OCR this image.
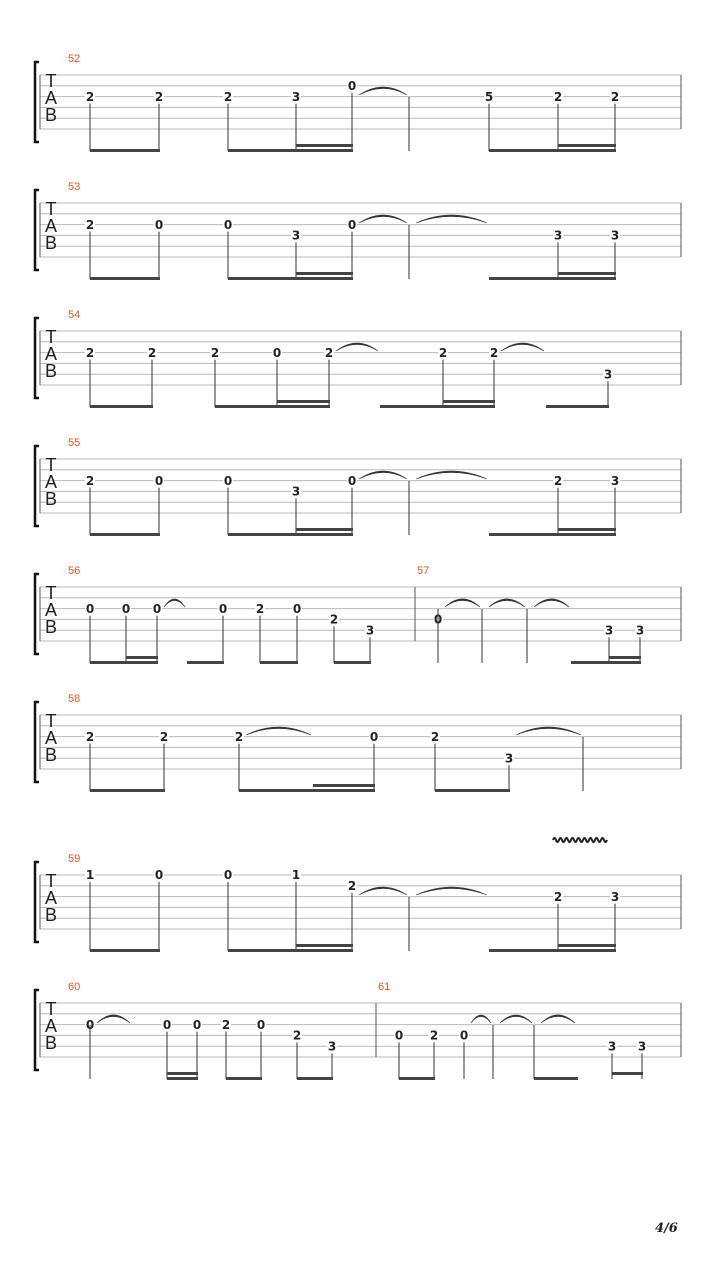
T
A
B
52
2	2	2	3
0
5	2	2
T
A
B
53
2	0	0
3
0
3	3
T
A
B
54
2	2	2	0	2	2	2
3
T
A
B
55
2	0	0
3
0	2	3
T
A
B
56
0 0 0	0 2 0
2
3
57
0
3 3
T
A
B
58
2	2	2	0	2
3
T
A
B
59
1	0	0	1
2
2	3
T
A
B
60
0	0 0 2 0
2
3
61
0 2 0
3 3
4/6
